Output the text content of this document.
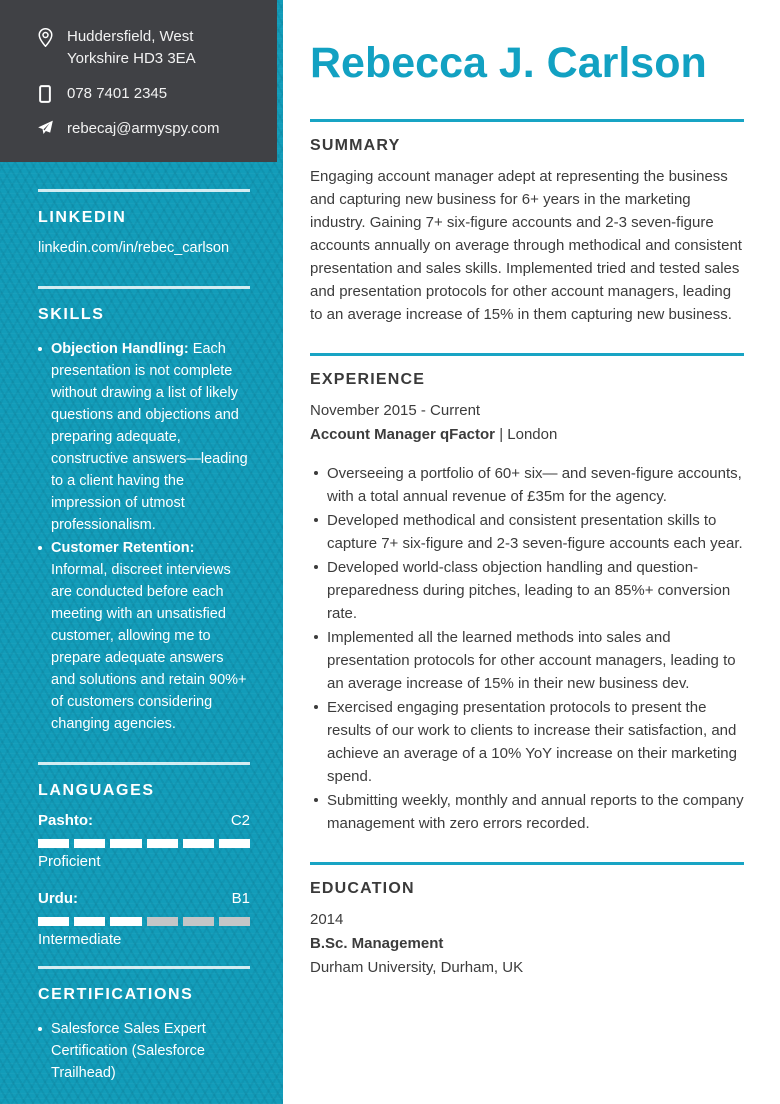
Huddersfield, West Yorkshire HD3 3EA
078 7401 2345
rebecaj@armyspy.com
LINKEDIN
linkedin.com/in/rebec_carlson
SKILLS
Objection Handling: Each presentation is not complete without drawing a list of likely questions and objections and preparing adequate, constructive answers—leading to a client having the impression of utmost professionalism.
Customer Retention: Informal, discreet interviews are conducted before each meeting with an unsatisfied customer, allowing me to prepare adequate answers and solutions and retain 90%+ of customers considering changing agencies.
LANGUAGES
Pashto:	C2
Proficient
Urdu:	B1
Intermediate
CERTIFICATIONS
Salesforce Sales Expert Certification (Salesforce Trailhead)
Rebecca J. Carlson
SUMMARY

Engaging account manager adept at representing the business and capturing new business for 6+ years in the marketing industry. Gaining 7+ six-figure accounts and 2-3 seven-figure accounts annually on average through methodical and consistent presentation and sales skills. Implemented tried and tested sales and presentation protocols for other account managers, leading to an average increase of 15% in them capturing new business.

EXPERIENCE
November 2015 - Current
Account Manager qFactor | London
Overseeing a portfolio of 60+ six— and seven-figure accounts, with a total annual revenue of £35m for the agency.
Developed methodical and consistent presentation skills to capture 7+ six-figure and 2-3 seven-figure accounts each year.
Developed world-class objection handling and question-preparedness during pitches, leading to an 85%+ conversion rate.
Implemented all the learned methods into sales and presentation protocols for other account managers, leading to an average increase of 15% in their new business dev.
Exercised engaging presentation protocols to present the results of our work to clients to increase their satisfaction, and achieve an average of a 10% YoY increase on their marketing spend.
Submitting weekly, monthly and annual reports to the company management with zero errors recorded.
EDUCATION
2014
B.Sc. Management
Durham University, Durham, UK
